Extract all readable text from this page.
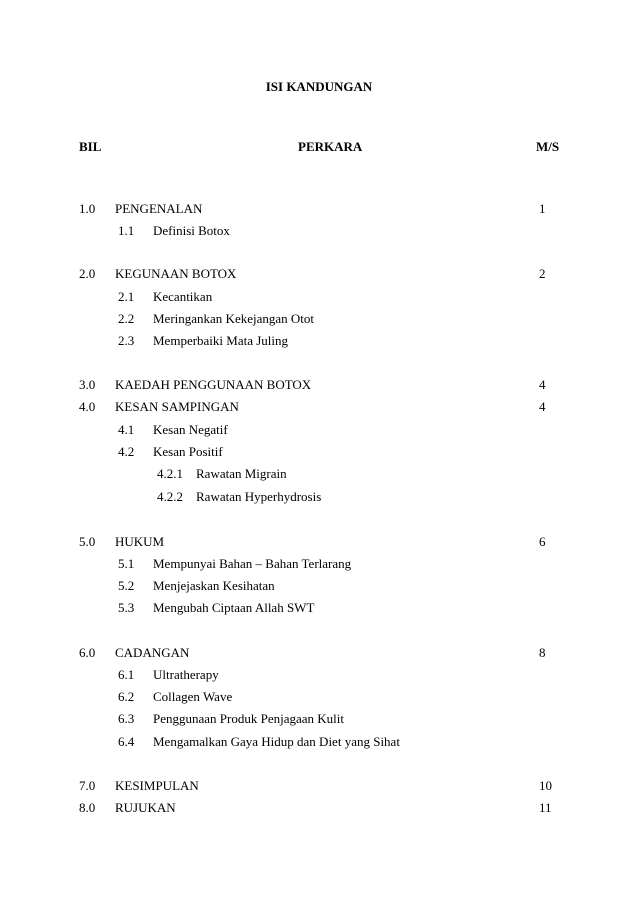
ISI KANDUNGAN
BIL	PERKARA	M/S
1.0 PENGENALAN	1
1.1 Definisi Botox
2.0 KEGUNAAN BOTOX	2
2.1 Kecantikan
2.2 Meringankan Kekejangan Otot
2.3 Memperbaiki Mata Juling
3.0 KAEDAH PENGGUNAAN BOTOX	4
4.0 KESAN SAMPINGAN	4
4.1 Kesan Negatif
4.2 Kesan Positif
4.2.1 Rawatan Migrain
4.2.2 Rawatan Hyperhydrosis
5.0 HUKUM	6
5.1 Mempunyai Bahan – Bahan Terlarang
5.2 Menjejaskan Kesihatan
5.3 Mengubah Ciptaan Allah SWT
6.0 CADANGAN	8
6.1 Ultratherapy
6.2 Collagen Wave
6.3 Penggunaan Produk Penjagaan Kulit
6.4 Mengamalkan Gaya Hidup dan Diet yang Sihat
7.0 KESIMPULAN	10
8.0 RUJUKAN	11
